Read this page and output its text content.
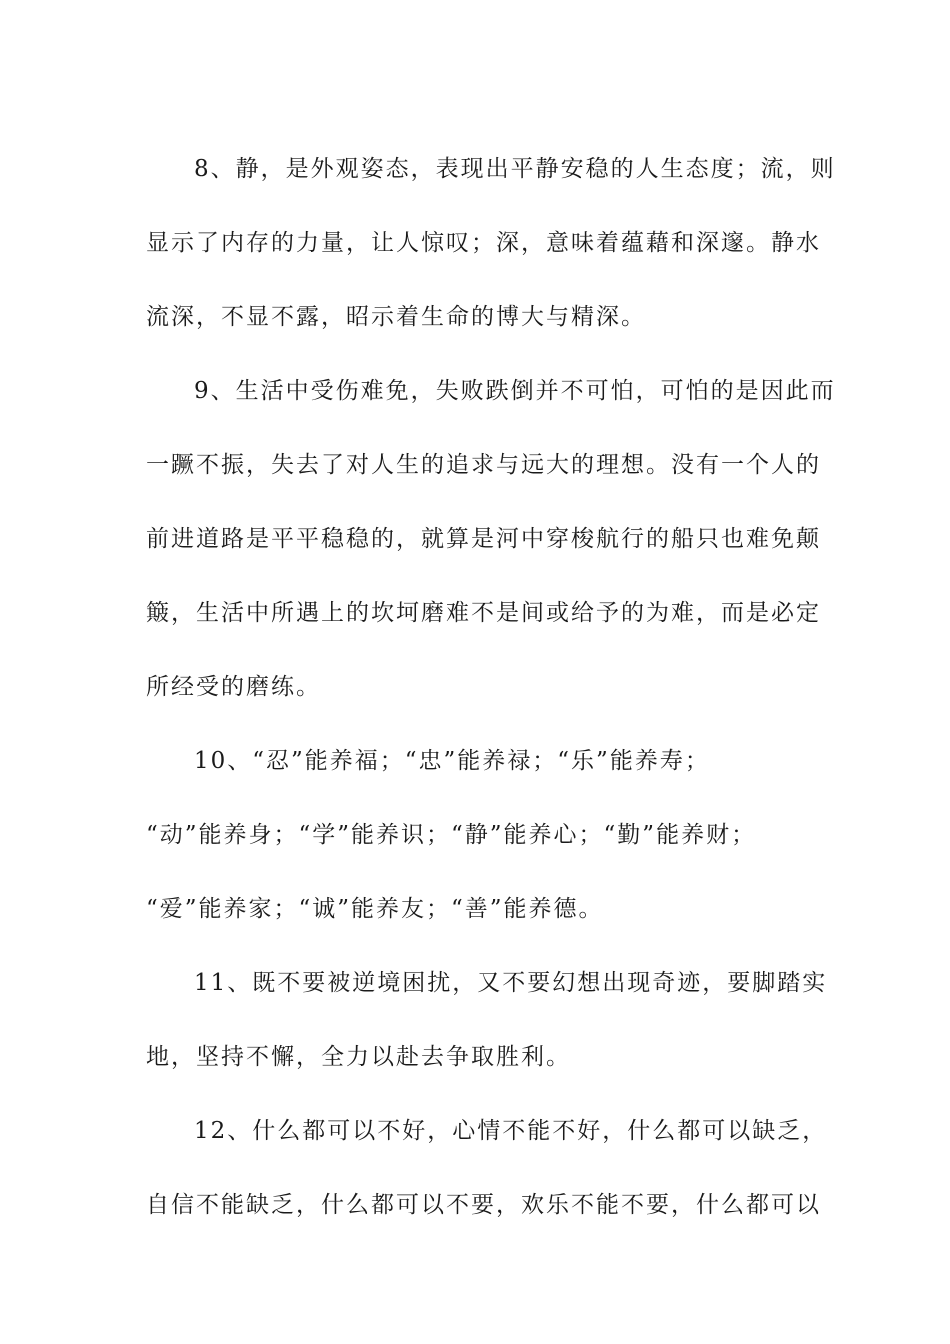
8、静，是外观姿态，表现出平静安稳的人生态度；流，则
显示了内存的力量，让人惊叹；深，意味着蕴藉和深邃。静水
流深，不显不露，昭示着生命的博大与精深。
9、生活中受伤难免，失败跌倒并不可怕，可怕的是因此而
一蹶不振，失去了对人生的追求与远大的理想。没有一个人的
前进道路是平平稳稳的，就算是河中穿梭航行的船只也难免颠
簸，生活中所遇上的坎坷磨难不是间或给予的为难，而是必定
所经受的磨练。
10、“忍”能养福；“忠”能养禄；“乐”能养寿；
“动”能养身；“学”能养识；“静”能养心；“勤”能养财；
“爱”能养家；“诚”能养友；“善”能养德。
11、既不要被逆境困扰，又不要幻想出现奇迹，要脚踏实
地，坚持不懈，全力以赴去争取胜利。
12、什么都可以不好，心情不能不好，什么都可以缺乏，
自信不能缺乏，什么都可以不要，欢乐不能不要，什么都可以
